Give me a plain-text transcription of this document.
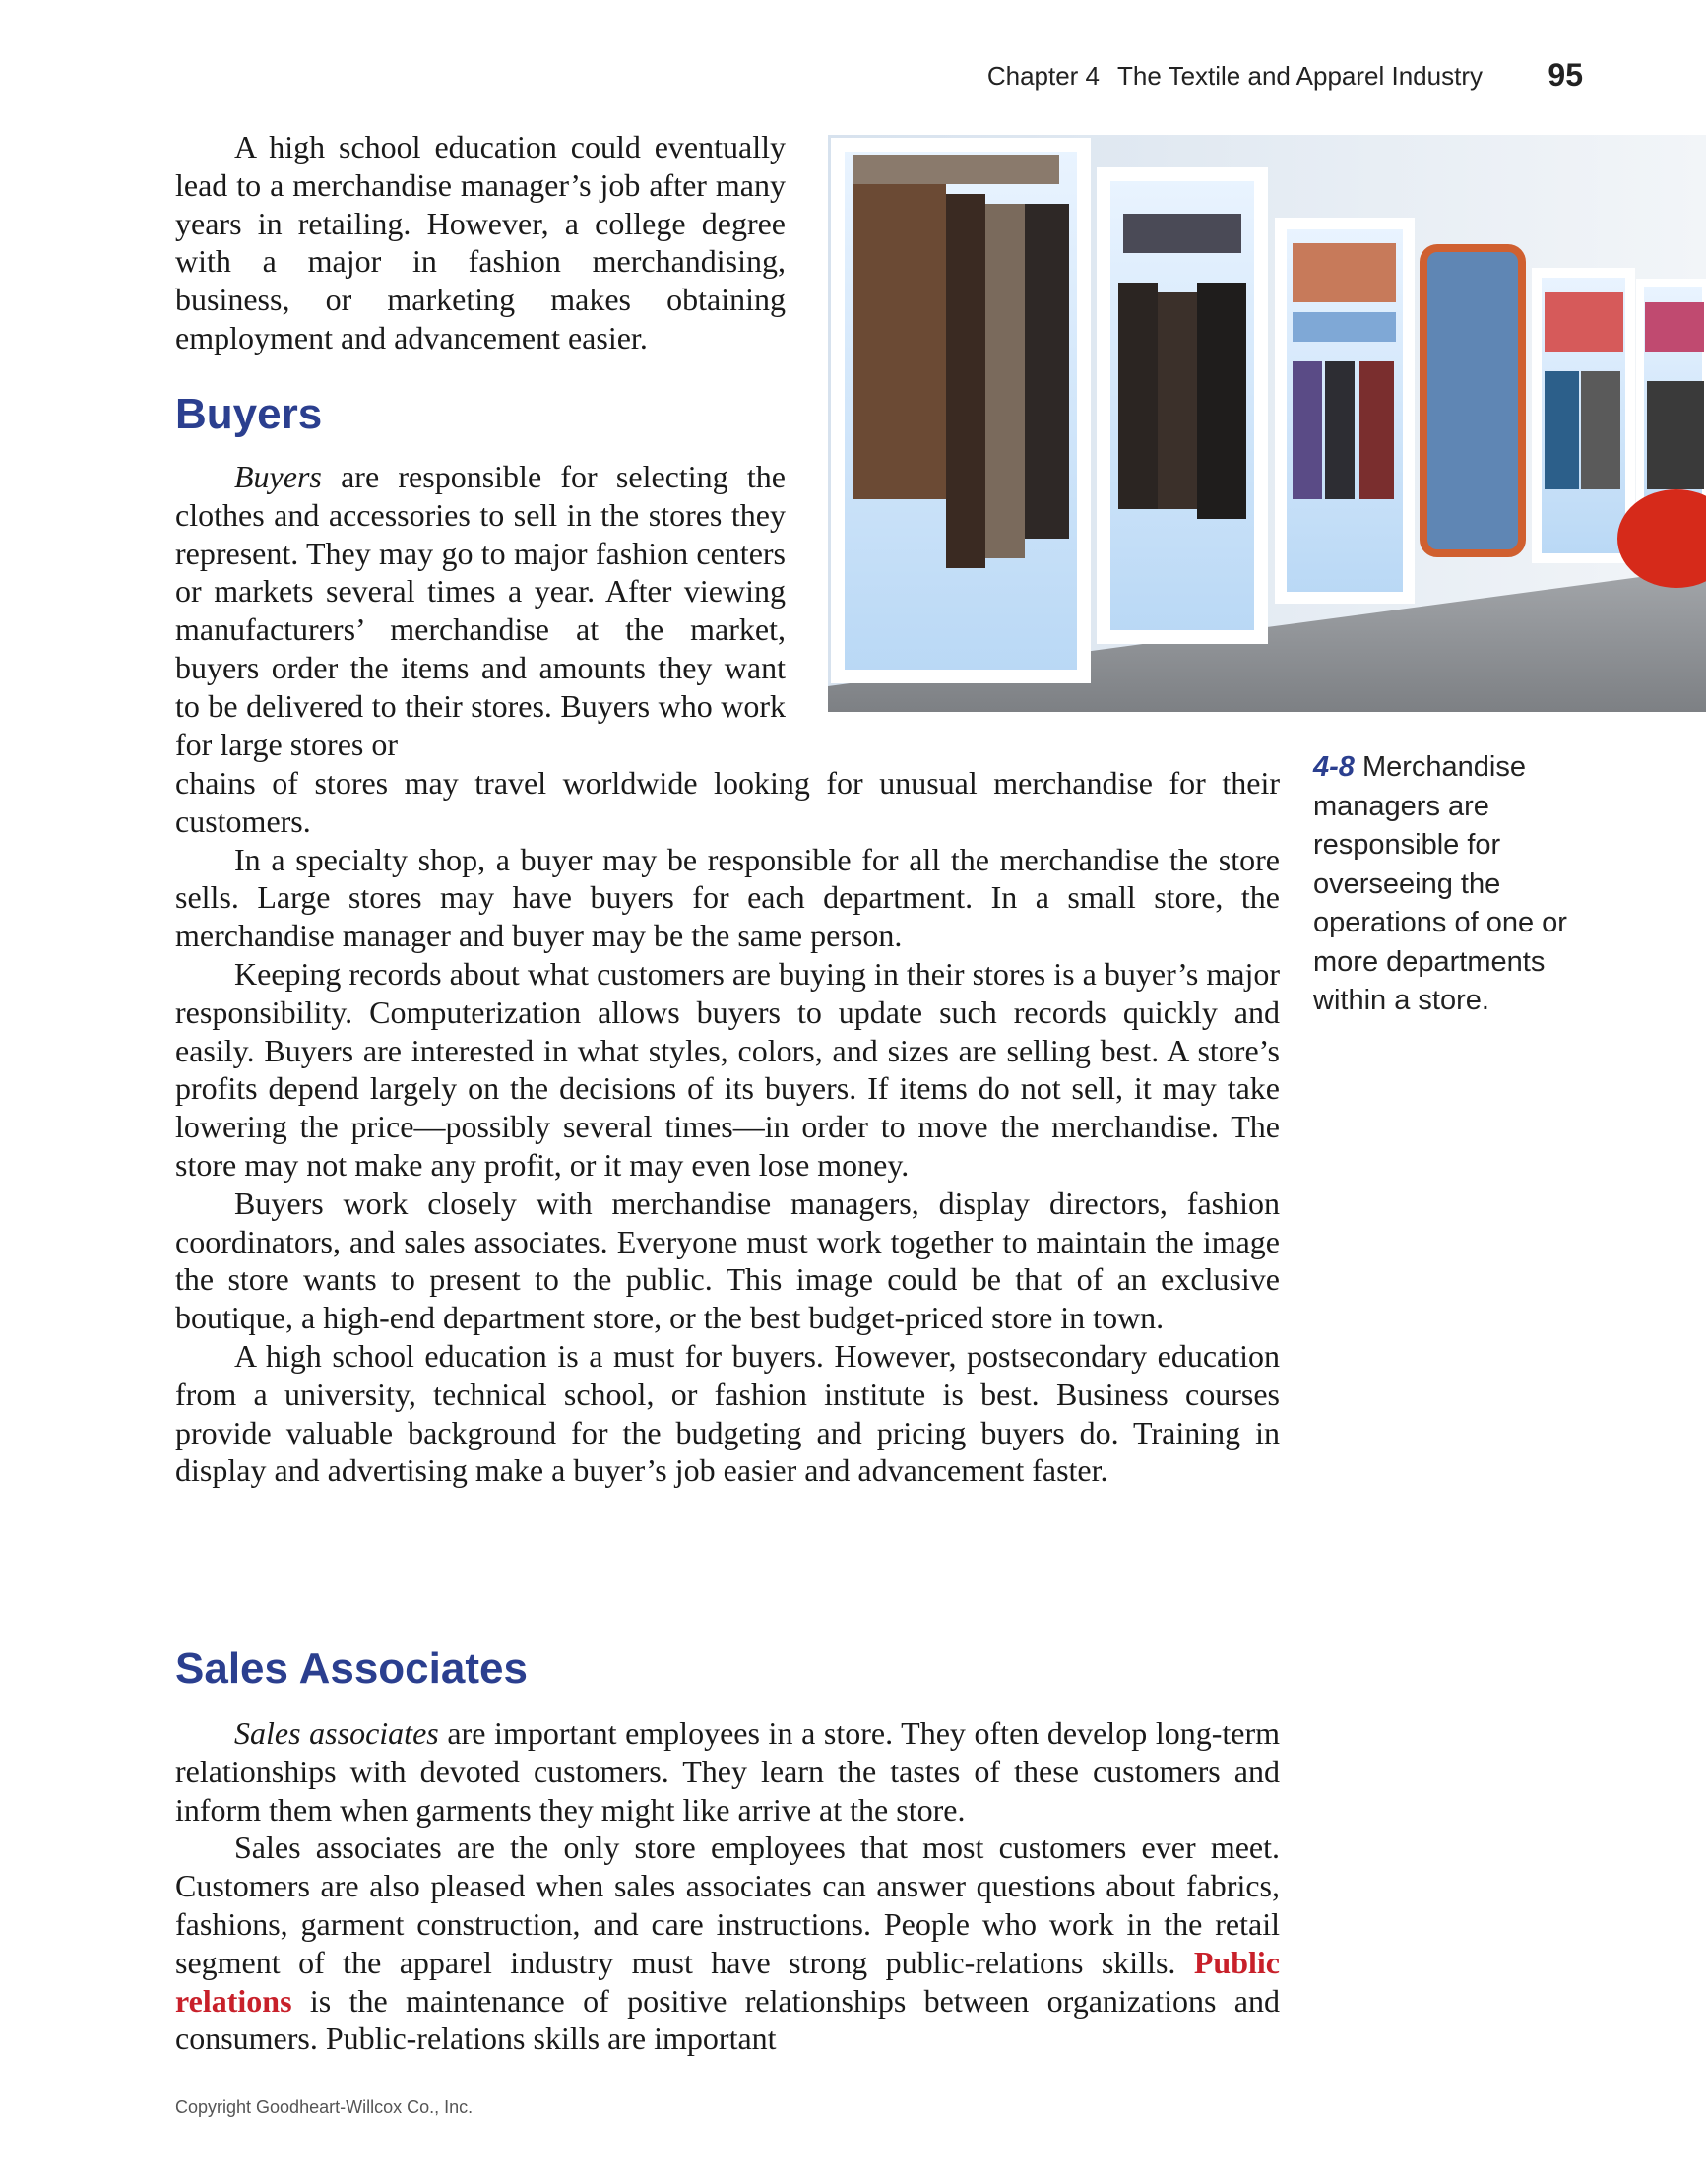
Chapter 4 The Textile and Apparel Industry 95

A high school education could eventually lead to a merchandise manager’s job after many years in retailing. However, a college degree with a major in fashion merchandising, business, or marketing makes obtaining employment and advancement easier.

Buyers

Buyers are responsible for selecting the clothes and accessories to sell in the stores they represent. They may go to major fashion centers or markets several times a year. After viewing manufacturers’ merchandise at the market, buyers order the items and amounts they want to be delivered to their stores. Buyers who work for large stores or

chains of stores may travel worldwide looking for unusual merchandise for their customers.

In a specialty shop, a buyer may be responsible for all the merchandise the store sells. Large stores may have buyers for each department. In a small store, the merchandise manager and buyer may be the same person.

Keeping records about what customers are buying in their stores is a buyer’s major responsibility. Computerization allows buyers to update such records quickly and easily. Buyers are interested in what styles, colors, and sizes are selling best. A store’s profits depend largely on the decisions of its buyers. If items do not sell, it may take lowering the price—possibly several times—in order to move the merchandise. The store may not make any profit, or it may even lose money.

Buyers work closely with merchandise managers, display directors, fashion coordinators, and sales associates. Everyone must work together to maintain the image the store wants to present to the public. This image could be that of an exclusive boutique, a high-end department store, or the best budget-priced store in town.

A high school education is a must for buyers. However, postsecondary education from a university, technical school, or fashion institute is best. Business courses provide valuable background for the budgeting and pricing buyers do. Training in display and advertising make a buyer’s job easier and advancement faster.

Sales Associates

Sales associates are important employees in a store. They often develop long-term relationships with devoted customers. They learn the tastes of these customers and inform them when garments they might like arrive at the store.

Sales associates are the only store employees that most customers ever meet. Customers are also pleased when sales associates can answer questions about fabrics, fashions, garment construction, and care instructions. People who work in the retail segment of the apparel industry must have strong public-relations skills. Public relations is the maintenance of positive relationships between organizations and consumers. Public-relations skills are important

4-8 Merchandise managers are responsible for overseeing the operations of one or more departments within a store.
Copyright Goodheart-Willcox Co., Inc.
